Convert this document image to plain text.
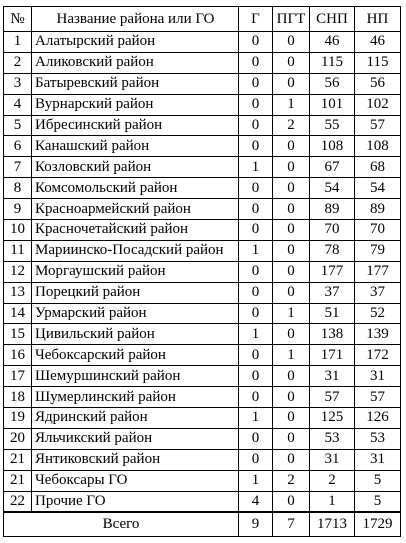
№	Название района или ГО	Г	ПГТ	СНП	НП
1	Алатырский район	0	0	46	46
2	Аликовский район	0	0	115	115
3	Батыревский район	0	0	56	56
4	Вурнарский район	0	1	101	102
5	Ибресинский район	0	2	55	57
6	Канашский район	0	0	108	108
7	Козловский район	1	0	67	68
8	Комсомольский район	0	0	54	54
9	Красноармейский район	0	0	89	89
10	Красночетайский район	0	0	70	70
11	Мариинско-Посадский район	1	0	78	79
12	Моргаушский район	0	0	177	177
13	Порецкий район	0	0	37	37
14	Урмарский район	0	1	51	52
15	Цивильский район	1	0	138	139
16	Чебоксарский район	0	1	171	172
17	Шемуршинский район	0	0	31	31
18	Шумерлинский район	0	0	57	57
19	Ядринский район	1	0	125	126
20	Яльчикский район	0	0	53	53
21	Янтиковский район	0	0	31	31
21	Чебоксары ГО	1	2	2	5
22	Прочие ГО	4	0	1	5
Всего		9	7	1713	1729
